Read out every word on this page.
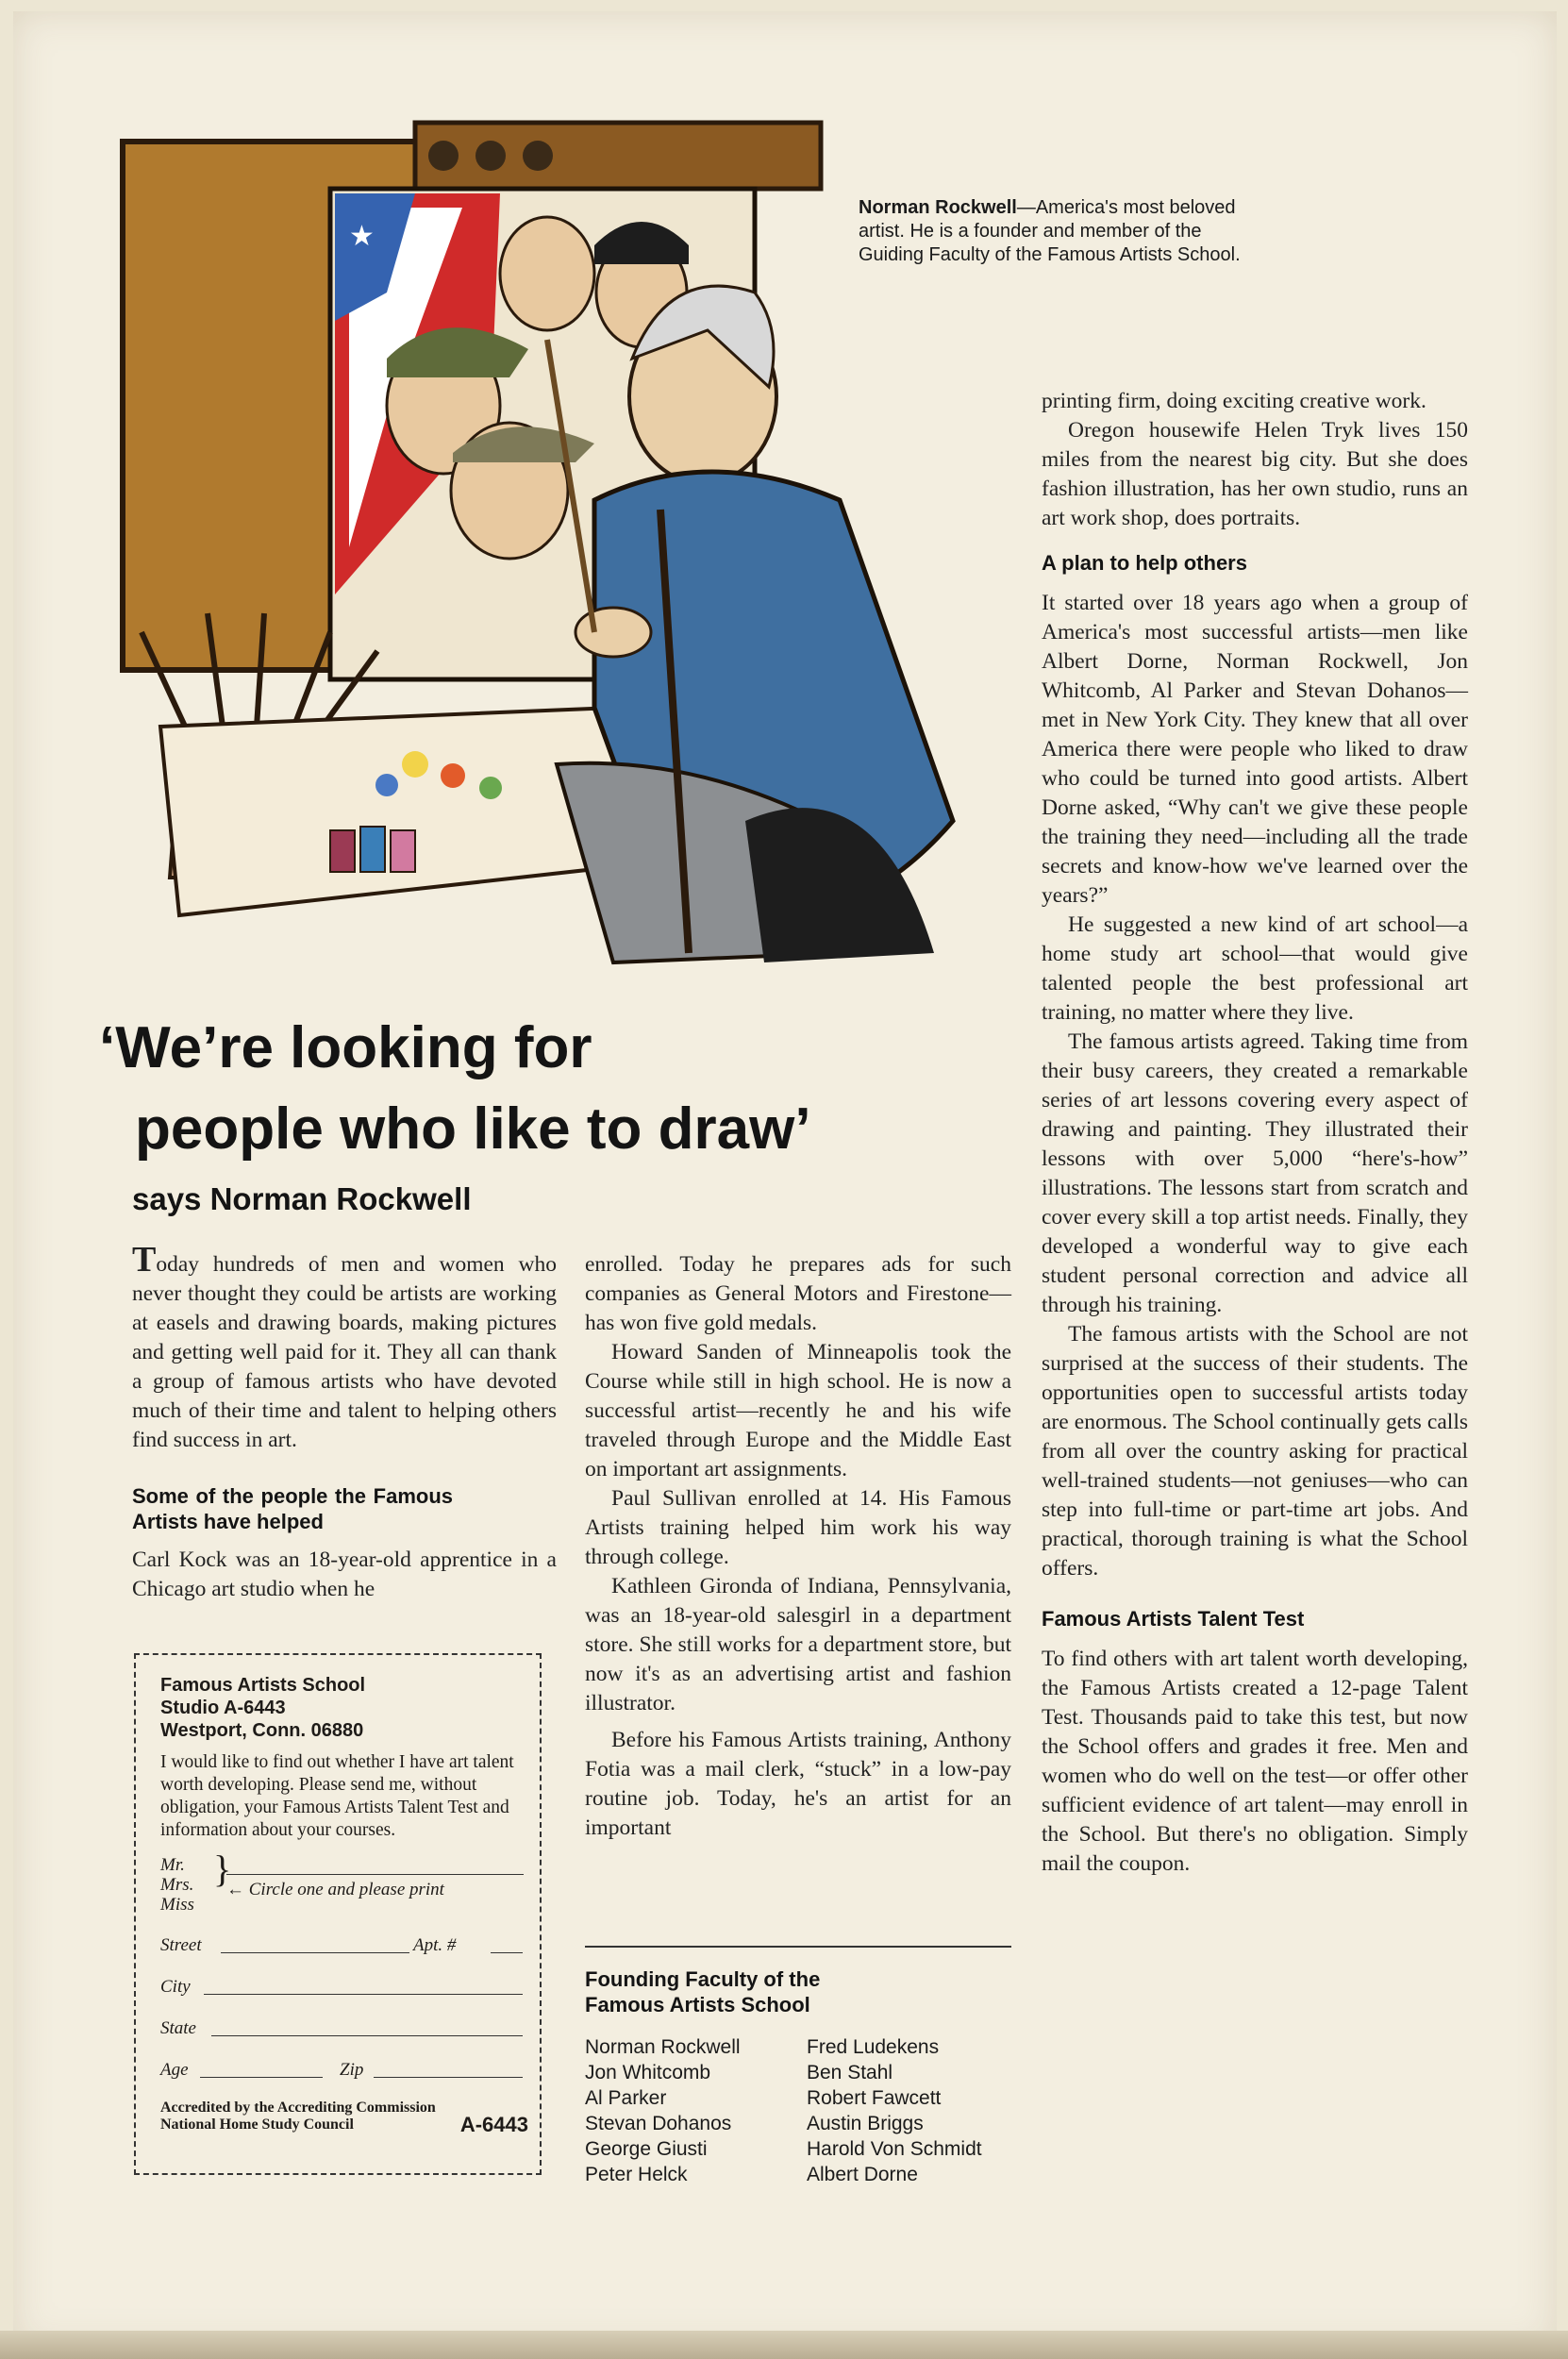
★
Norman Rockwell—America's most beloved artist. He is a founder and member of the Guiding Faculty of the Famous Artists School.
‘We’re looking for
people who like to draw’
says Norman Rockwell

Today hundreds of men and women who never thought they could be artists are working at easels and drawing boards, making pictures and getting well paid for it. They all can thank a group of famous artists who have devoted much of their time and talent to helping others find success in art.

Some of the people the Famous Artists have helped

Carl Kock was an 18-year-old apprentice in a Chicago art studio when he

Famous Artists School
Studio A-6443
Westport, Conn. 06880
I would like to find out whether I have art talent worth developing. Please send me, without obligation, your Famous Artists Talent Test and information about your courses.
Mr.
Mrs.
Miss
}
← Circle one and please print
Street	Apt. #
City
State
Age	Zip
Accredited by the Accrediting Commission National Home Study Council	A-6443

enrolled. Today he prepares ads for such companies as General Motors and Firestone—has won five gold medals.

Howard Sanden of Minneapolis took the Course while still in high school. He is now a successful artist—recently he and his wife traveled through Europe and the Middle East on important art assignments.

Paul Sullivan enrolled at 14. His Famous Artists training helped him work his way through college.

Kathleen Gironda of Indiana, Pennsylvania, was an 18-year-old salesgirl in a department store. She still works for a department store, but now it's as an advertising artist and fashion illustrator.

Before his Famous Artists training, Anthony Fotia was a mail clerk, “stuck” in a low-pay routine job. Today, he's an artist for an important

Founding Faculty of the Famous Artists School
Norman Rockwell	Fred Ludekens
Jon Whitcomb	Ben Stahl
Al Parker	Robert Fawcett
Stevan Dohanos	Austin Briggs
George Giusti	Harold Von Schmidt
Peter Helck	Albert Dorne

printing firm, doing exciting creative work.

Oregon housewife Helen Tryk lives 150 miles from the nearest big city. But she does fashion illustration, has her own studio, runs an art work shop, does portraits.

A plan to help others

It started over 18 years ago when a group of America's most successful artists—men like Albert Dorne, Norman Rockwell, Jon Whitcomb, Al Parker and Stevan Dohanos—met in New York City. They knew that all over America there were people who liked to draw who could be turned into good artists. Albert Dorne asked, “Why can't we give these people the training they need—including all the trade secrets and know-how we've learned over the years?”

He suggested a new kind of art school—a home study art school—that would give talented people the best professional art training, no matter where they live.

The famous artists agreed. Taking time from their busy careers, they created a remarkable series of art lessons covering every aspect of drawing and painting. They illustrated their lessons with over 5,000 “here's-how” illustrations. The lessons start from scratch and cover every skill a top artist needs. Finally, they developed a wonderful way to give each student personal correction and advice all through his training.

The famous artists with the School are not surprised at the success of their students. The opportunities open to successful artists today are enormous. The School continually gets calls from all over the country asking for practical well-trained students—not geniuses—who can step into full-time or part-time art jobs. And practical, thorough training is what the School offers.

Famous Artists Talent Test

To find others with art talent worth developing, the Famous Artists created a 12-page Talent Test. Thousands paid to take this test, but now the School offers and grades it free. Men and women who do well on the test—or offer other sufficient evidence of art talent—may enroll in the School. But there's no obligation. Simply mail the coupon.
